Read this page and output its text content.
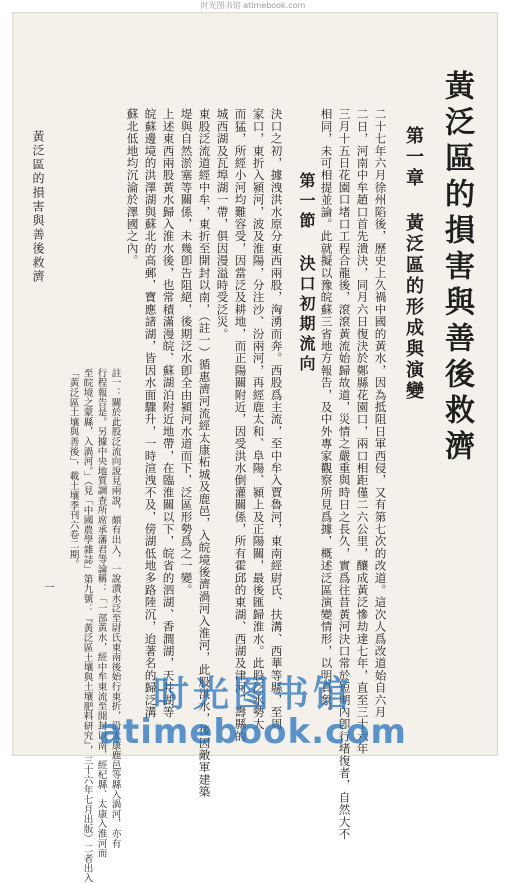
时光图书馆 atimebook.com
黃泛區的損害與善後救濟
第一章 黃泛區的形成與演變
二十七年六月徐州陷後，歷史上久禍中國的黃水，因為抵阻日軍西侵，又有第七次的改道。這次人爲改道始自六月
二日，河南中牟趙口首先潰決，同月六日復決於鄭縣花園口，兩口相距僅二六公里，釀成黃泛慘劫達七年，直至三十六年
三月十五日花園口堵口工程合龍後，滾滾黃流始歸故道，災情之嚴重與時日之長久，實爲往昔黃河決口常於短期內卽行堵復者，自然大不
相同，未可相提並論。此就擬以豫皖蘇三省地方報告，及中外專家觀察所見爲據，概述泛區演變情形，以明真象。
第一節 決口初期流向
決口之初，據洩洪水原分東西兩股，洶湧而奔。西股爲主流，至中牟入賈魯河，東南經尉氏、扶溝、西華等縣，至周
家口，東折入潁河，波及淮陽，分注沙、汾兩河，再經鹿太和、阜陽、潁上及正陽關，最後匯歸淮水。此股泛水勢大
而猛，所經小河均難容受，因當泛及耕地，而正陽關附近，因受洪水倒灌關係，所有霍邱的東湖、西湖及津河，壽縣的
城西湖及瓦埠湖一帶，俱因漫溢時受泛災。
東股泛流道經中牟，東折至開封以南，（註一）循惠濟河流經太康柘城及鹿邑，入皖境後濟渦河入淮河，此股洪水，後因敵軍建築
堤與自然淤塞等關係，未幾卽告阻絕，後期泛水卽全由潁河水道而下，泛區形勢爲之一變。
上述東西兩股黃水歸入淮水後，也常積滿漫皖、蘇湖泊附近地帶，在臨淮關以下，皖省的泗湖、香澗湖，天井湖等
皖蘇邊境的洪澤湖與蘇北的高郵，寶應諸湖，皆因水面驟升，一時渲洩不及，傍湖低地多路陸沉，迨著名的歸泛溝
蘇北低地均沉淪於澤國之內。
註一：關於此股泛流向說見兩說，頗有出入，一說潰水泛至尉氏東南後始行東折，沿太康鹿邑等縣入渦河，亦有
行程報告是。另據中央地質調查所席承藩君等論稱：「一部黃水，經中牟東流至開封以南，經杞縣、太康入淮河而
至皖境之蒙縣，入渦河。」（見「中國農學雜誌」第九號：『黃泛區土壤與土壤肥料研究』，三十六年七月出版）二者出入
「黃泛區土壤與善後」，載土壤季刊六卷二期。
黃泛區的損害與善後救濟
一
时光图书馆
atimebook.com
